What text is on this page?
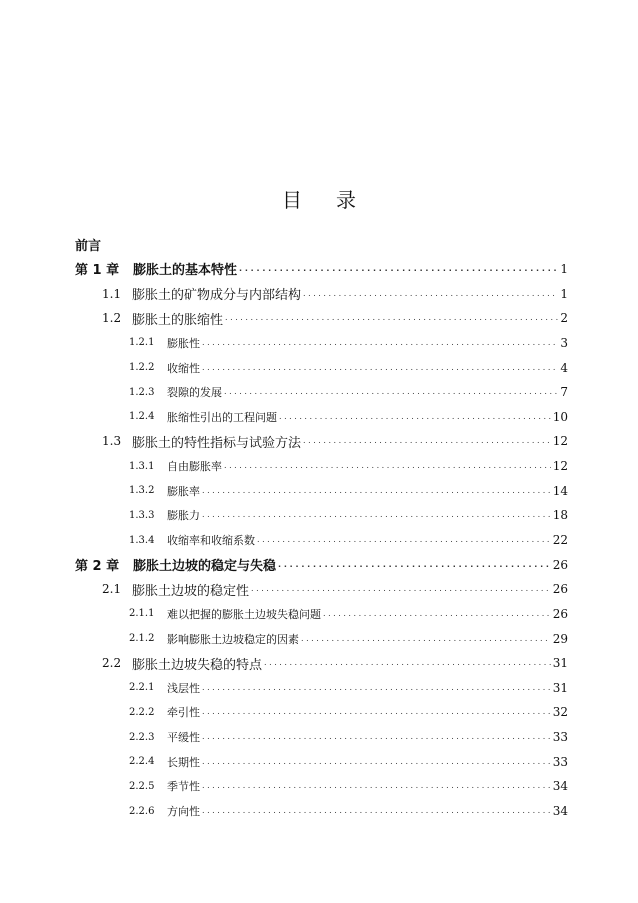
目 录
前言
第 1 章	膨胀土的基本特性 . . .	1
1.1 膨胀土的矿物成分与内部结构 . . .	1
1.2 膨胀土的胀缩性 . . .	2
1.2.1	膨胀性 . . .	3
1.2.2	收缩性 . . .	4
1.2.3	裂隙的发展 . . .	7
1.2.4	胀缩性引出的工程问题 . . .	10
1.3 膨胀土的特性指标与试验方法 . . .	12
1.3.1	自由膨胀率 . . .	12
1.3.2	膨胀率 . . .	14
1.3.3	膨胀力 . . .	18
1.3.4	收缩率和收缩系数 . . .	22
第 2 章	膨胀土边坡的稳定与失稳 . . .	26
2.1 膨胀土边坡的稳定性 . . .	26
2.1.1	难以把握的膨胀土边坡失稳问题 . . .	26
2.1.2	影响膨胀土边坡稳定的因素 . . .	29
2.2 膨胀土边坡失稳的特点 . . .	31
2.2.1	浅层性 . . .	31
2.2.2	牵引性 . . .	32
2.2.3	平缓性 . . .	33
2.2.4	长期性 . . .	33
2.2.5	季节性 . . .	34
2.2.6	方向性 . . .	34
